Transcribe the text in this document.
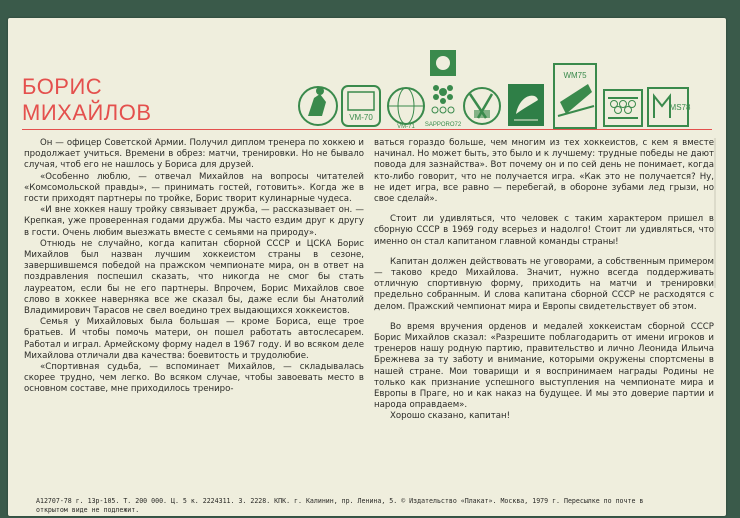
БОРИС
МИХАЙЛОВ	VM-70
VM-71 SAPPORO72
WM75
MS78

Он — офицер Советской Армии. Получил диплом тренера по хоккею и продолжает учиться. Времени в обрез: матчи, тренировки. Но не бывало случая, чтоб его не нашлось у Бориса для друзей.

«Особенно люблю, — отвечал Михайлов на вопросы читателей «Комсомольской правды», — принимать гостей, готовить». Когда же в гости приходят партнеры по тройке, Борис творит кулинарные чудеса.

«И вне хоккея нашу тройку связывает дружба, — рассказывает он. — Крепкая, уже проверенная годами дружба. Мы часто ездим друг к другу в гости. Очень любим выезжать вместе с семьями на природу».

Отнюдь не случайно, когда капитан сборной СССР и ЦСКА Борис Михайлов был назван лучшим хоккеистом страны в сезоне, завершившемся победой на пражском чемпионате мира, он в ответ на поздравления поспешил сказать, что никогда не смог бы стать лауреатом, если бы не его партнеры. Впрочем, Борис Михайлов свое слово в хоккее наверняка все же сказал бы, даже если бы Анатолий Владимирович Тарасов не свел воедино трех выдающихся хоккеистов.

Семья у Михайловых была большая — кроме Бориса, еще трое братьев. И чтобы помочь матери, он пошел работать автослесарем. Работал и играл. Армейскому форму надел в 1967 году. И во всяком деле Михайлова отличали два качества: боевитость и трудолюбие.

«Спортивная судьба, — вспоминает Михайлов, — складывалась скорее трудно, чем легко. Во всяком случае, чтобы завоевать место в основном составе, мне приходилось трениро-

ваться гораздо больше, чем многим из тех хоккеистов, с кем я вместе начинал. Но может быть, это было и к лучшему: трудные победы не дают повода для зазнайства». Вот почему он и по сей день не понимает, когда кто-либо говорит, что не получается игра. «Как это не получается? Ну, не идет игра, все равно — перебегай, в обороне зубами лед грызи, но свое сделай».

Стоит ли удивляться, что человек с таким характером пришел в сборную СССР в 1969 году всерьез и надолго! Стоит ли удивляться, что именно он стал капитаном главной команды страны!

Капитан должен действовать не уговорами, а собственным примером — таково кредо Михайлова. Значит, нужно всегда поддерживать отличную спортивную форму, приходить на матчи и тренировки предельно собранным. И слова капитана сборной СССР не расходятся с делом. Пражский чемпионат мира и Европы свидетельствует об этом.

Во время вручения орденов и медалей хоккеистам сборной СССР Борис Михайлов сказал: «Разрешите поблагодарить от имени игроков и тренеров нашу родную партию, правительство и лично Леонида Ильича Брежнева за ту заботу и внимание, которыми окружены спортсмены в нашей стране. Мои товарищи и я воспринимаем награды Родины не только как признание успешного выступления на чемпионате мира и Европы в Праге, но и как наказ на будущее. И мы это доверие партии и народа оправдаем».

Хорошо сказано, капитан!

А12707-78 г. 13р-105. Т. 200 000. Ц. 5 к. 2224311. З. 2228. КПК. г. Калинин, пр. Ленина, 5. © Издательство «Плакат». Москва, 1979 г. Пересылке по почте в
открытом виде не подлежит.
